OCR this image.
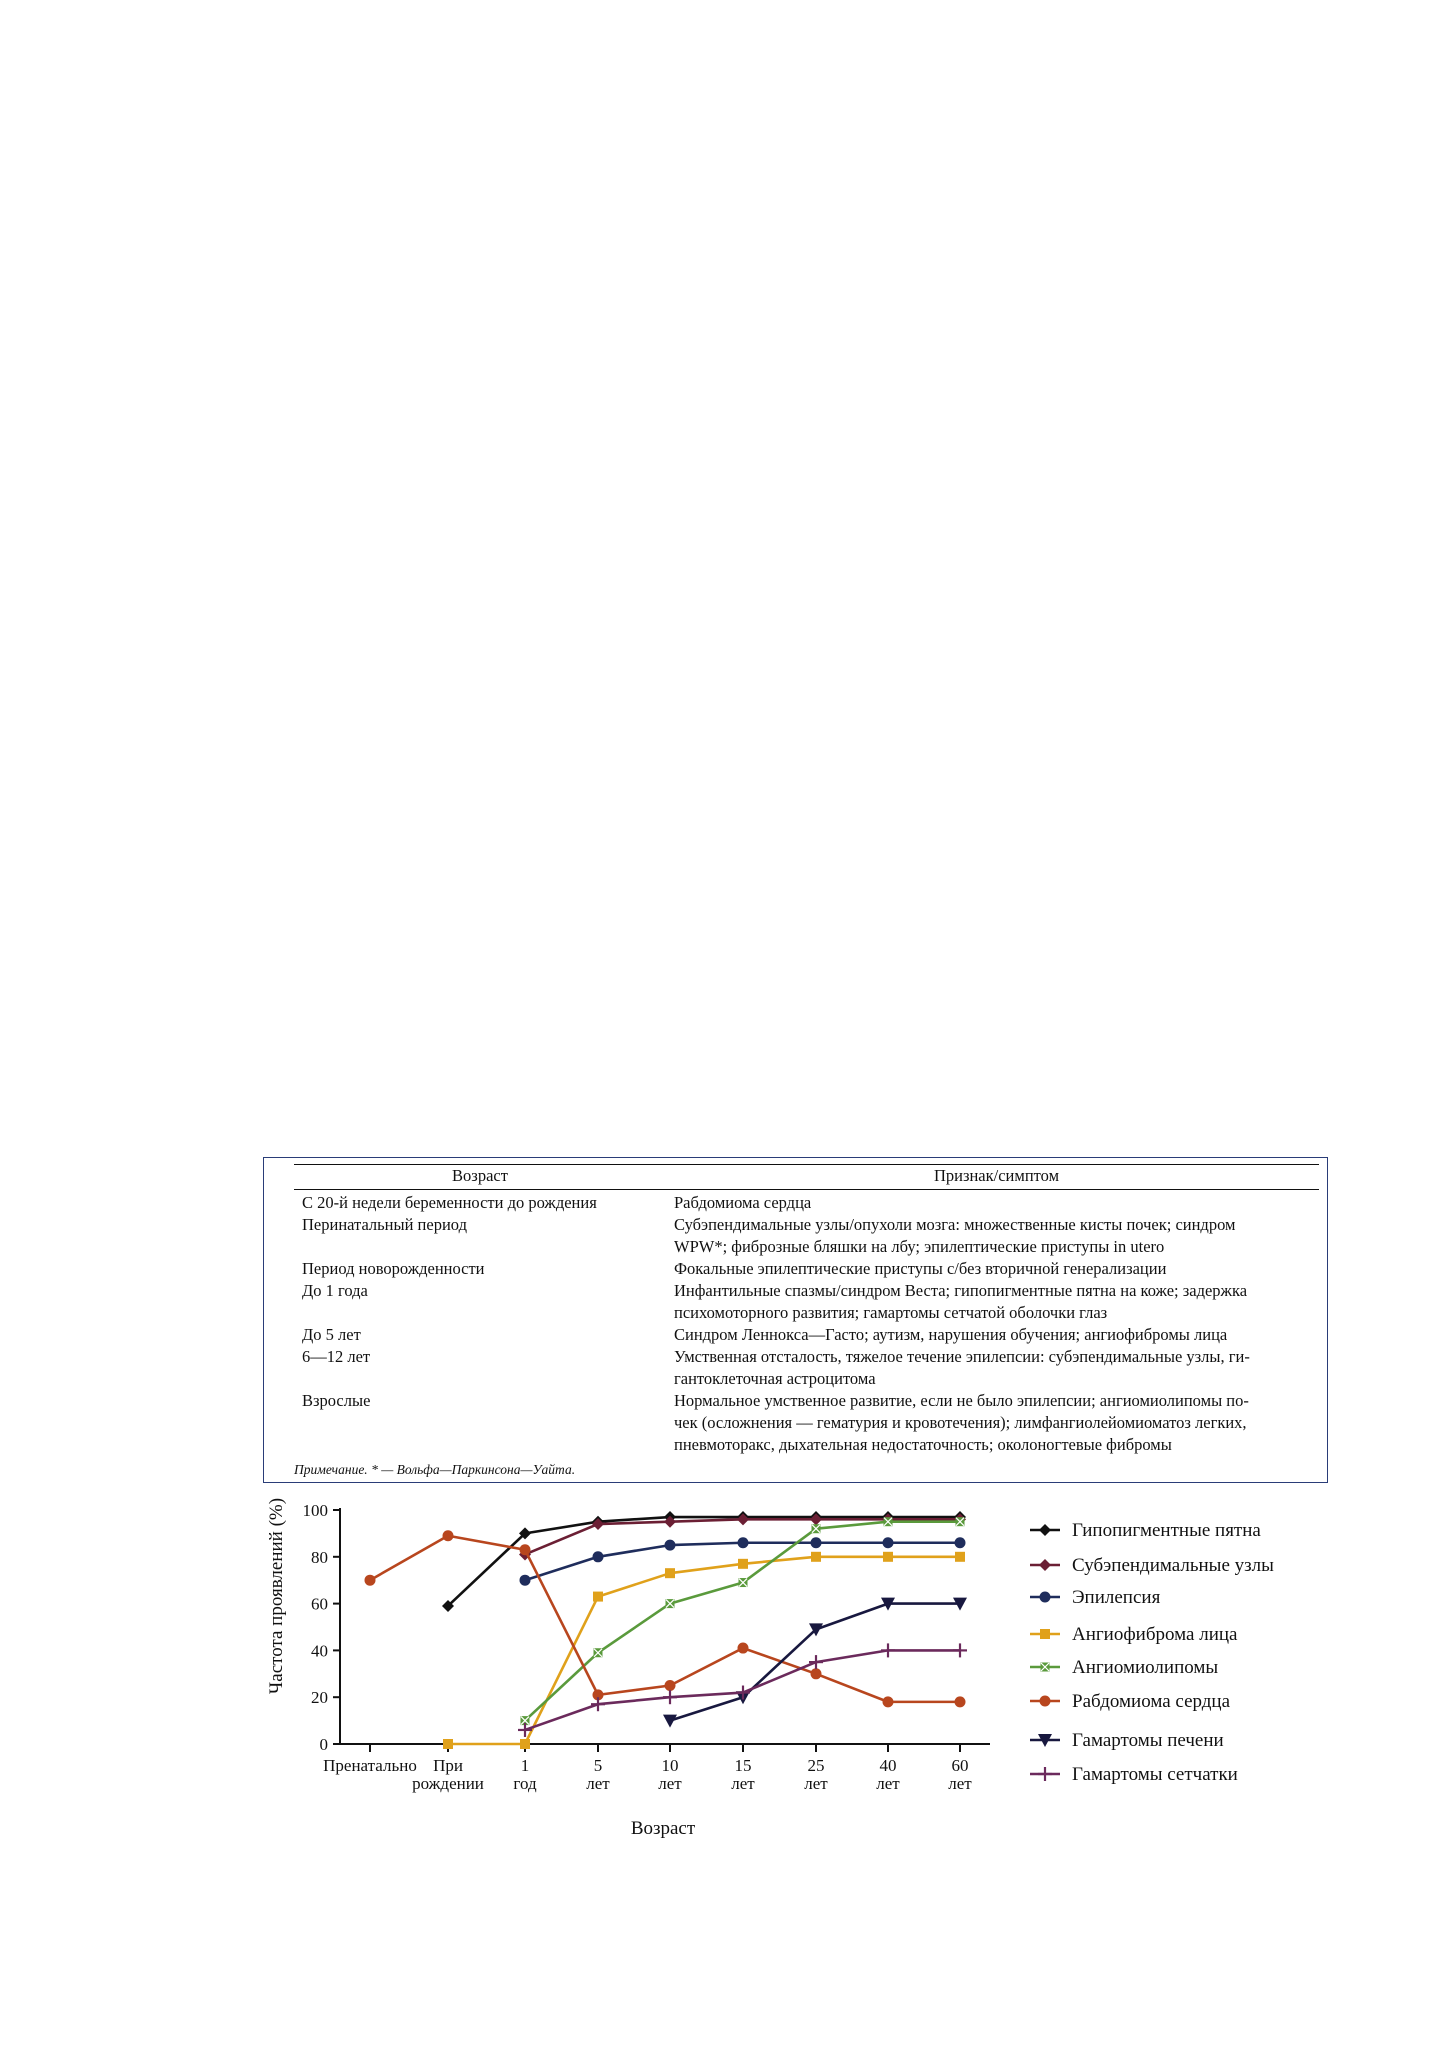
Возраст	Признак/симптом
С 20-й недели беременности до рождения	Рабдомиома сердца
Перинатальный период	Субэпендимальные узлы/опухоли мозга: множественные кисты почек; синдром
WPW*; фиброзные бляшки на лбу; эпилептические приступы in utero
Период новорожденности	Фокальные эпилептические приступы с/без вторичной генерализации
До 1 года	Инфантильные спазмы/синдром Веста; гипопигментные пятна на коже; задержка
психомоторного развития; гамартомы сетчатой оболочки глаз
До 5 лет	Синдром Леннокса—Гасто; аутизм, нарушения обучения; ангиофибромы лица
6—12 лет	Умственная отсталость, тяжелое течение эпилепсии: субэпендимальные узлы, ги-
гантоклеточная астроцитома
Взрослые	Нормальное умственное развитие, если не было эпилепсии; ангиомиолипомы по-
чек (осложнения — гематурия и кровотечения); лимфангиолейомиоматоз легких,
пневмоторакс, дыхательная недостаточность; околоногтевые фибромы
Примечание. * — Вольфа—Паркинсона—Уайта.
0
20
40
60
80
100
Пренатально При
рождении
1
год
5
лет
10
лет
15
лет
25
лет
40
лет
60
лет
Гипопигментные пятна
Субэпендимальные узлы
Эпилепсия
Ангиофиброма лица
Ангиомиолипомы
Рабдомиома сердца
Гамартомы печени
Гамартомы сетчатки
Возраст
Частота проявлений (%)
